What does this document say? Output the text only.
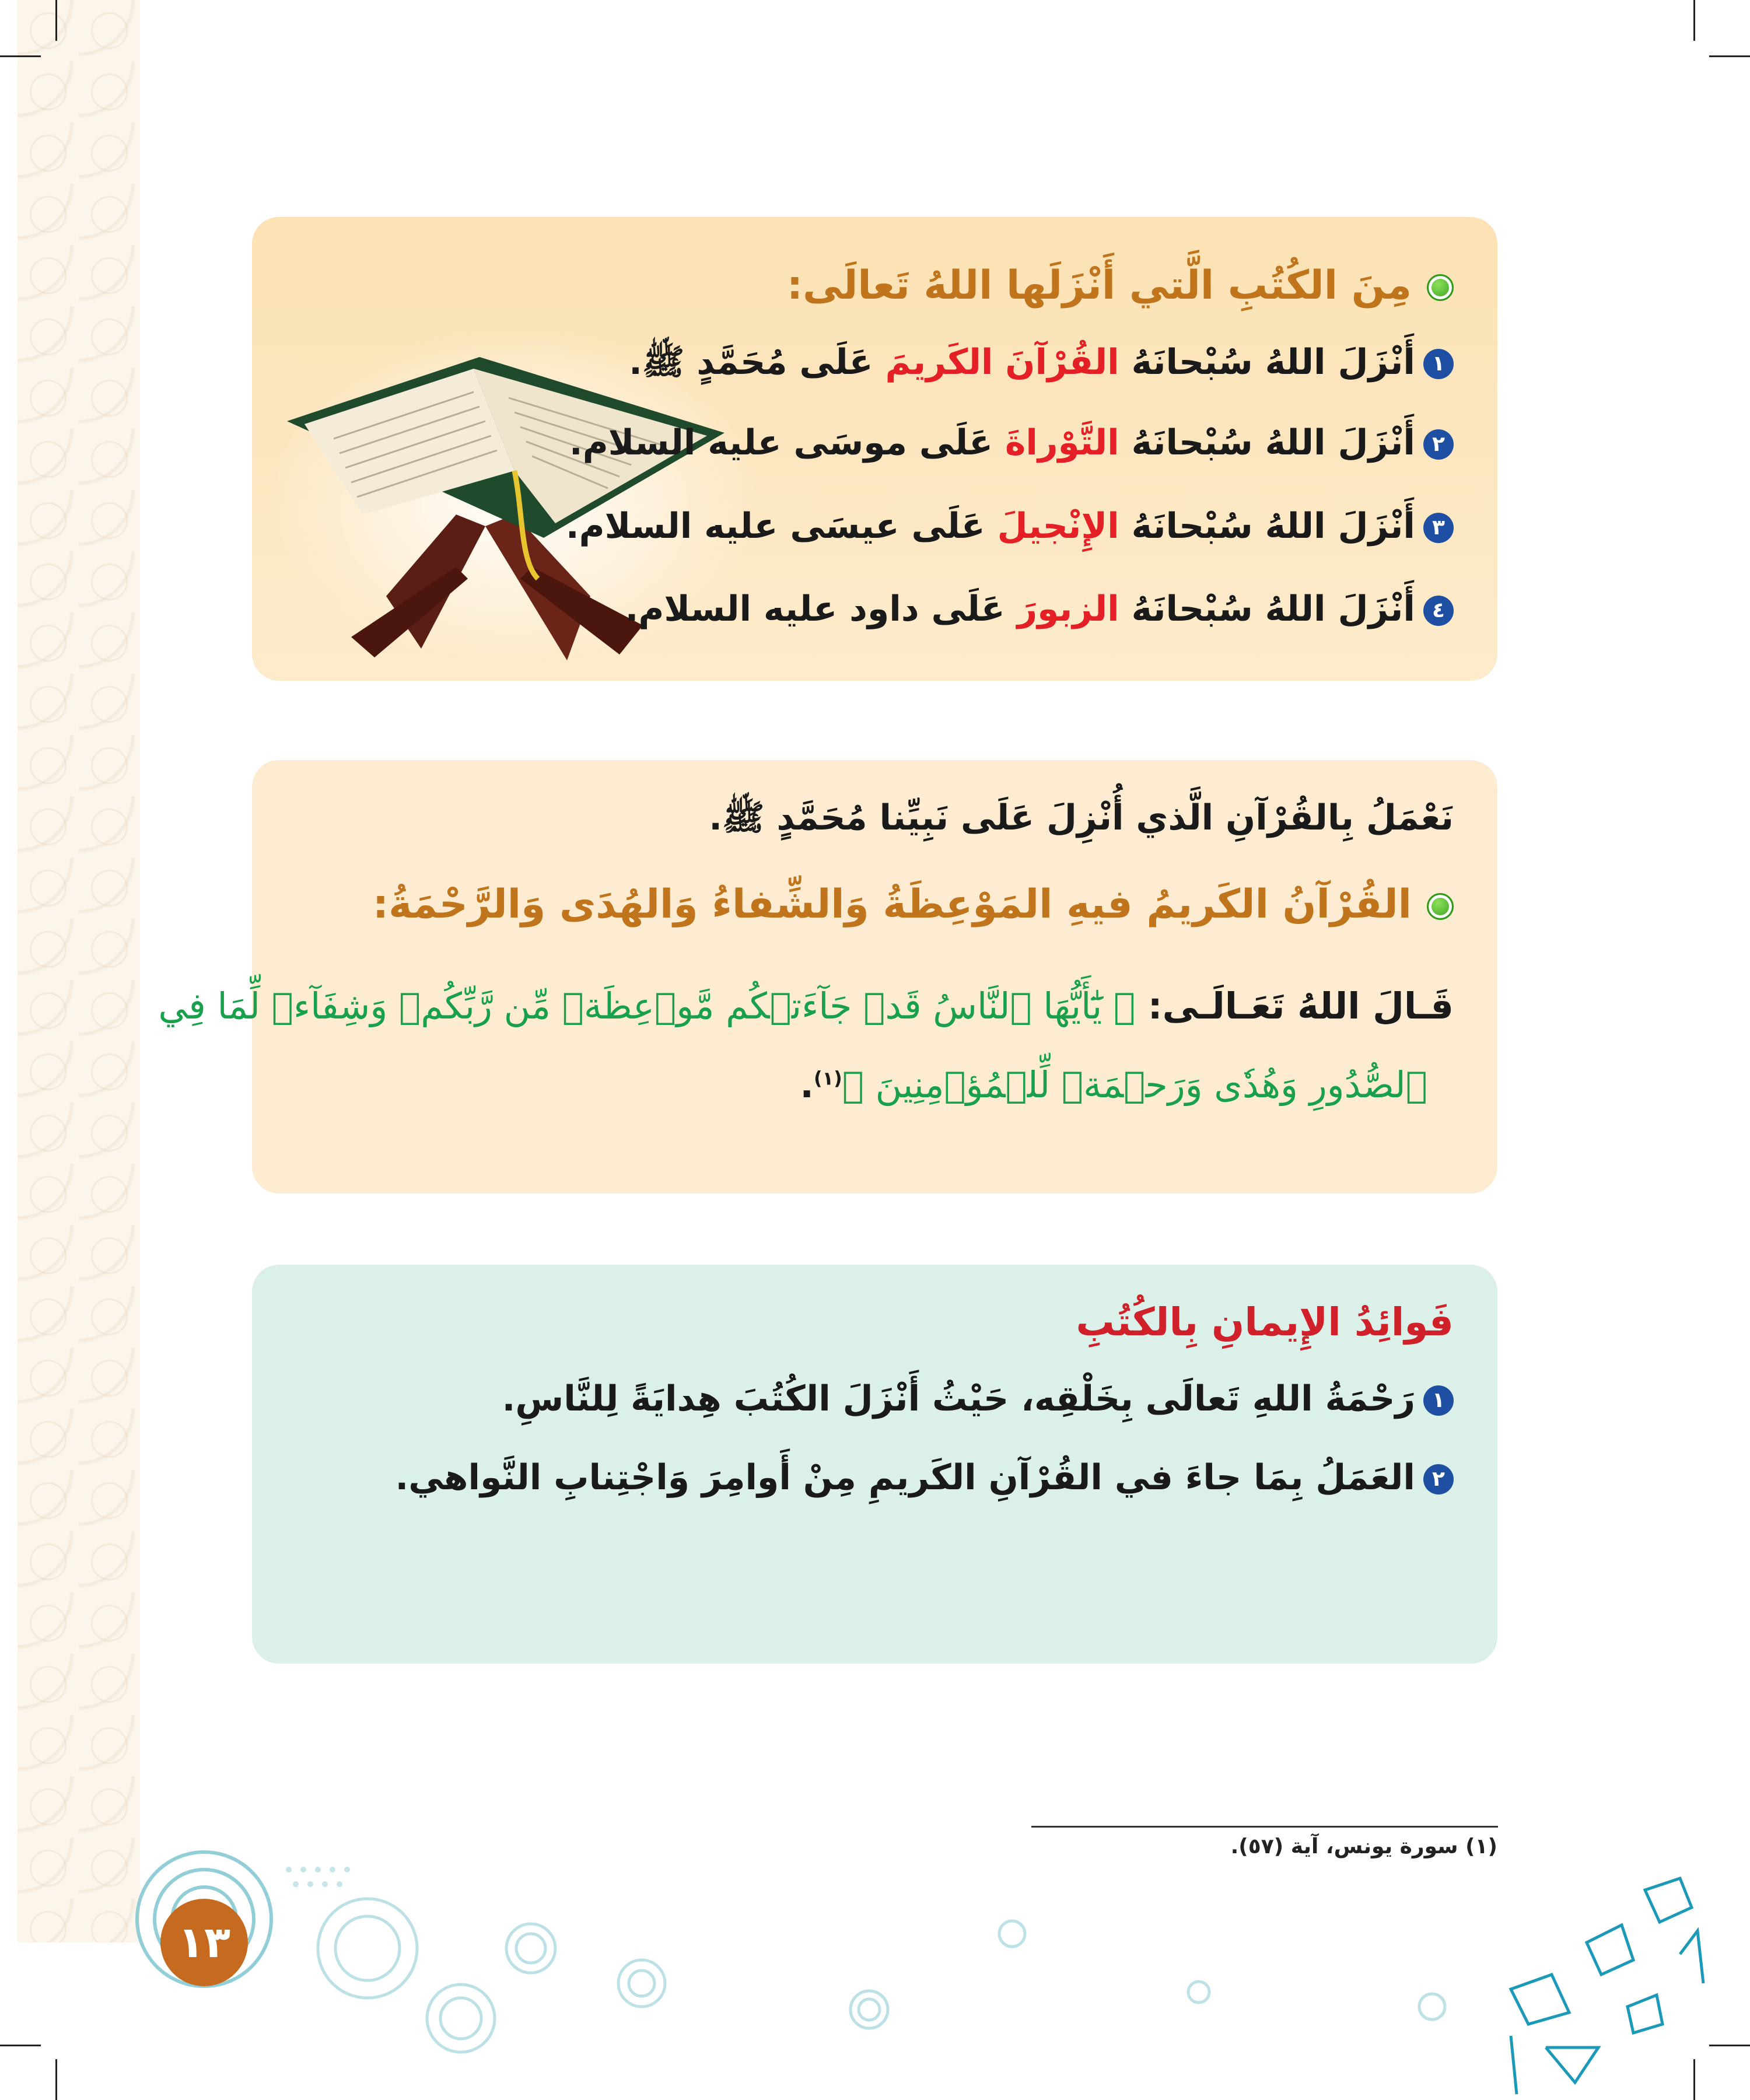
مِنَ الكُتُبِ الَّتي أَنْزَلَها اللهُ تَعالَى:
١أَنْزَلَ اللهُ سُبْحانَهُ القُرْآنَ الكَريمَ عَلَى مُحَمَّدٍ ﷺ.
٢أَنْزَلَ اللهُ سُبْحانَهُ التَّوْراةَ عَلَى موسَى عليه السلام.
٣أَنْزَلَ اللهُ سُبْحانَهُ الإِنْجيلَ عَلَى عيسَى عليه السلام.
٤أَنْزَلَ اللهُ سُبْحانَهُ الزبورَ عَلَى داود عليه السلام.
نَعْمَلُ بِالقُرْآنِ الَّذي أُنْزِلَ عَلَى نَبِيِّنا مُحَمَّدٍ ﷺ.
القُرْآنُ الكَريمُ فيهِ المَوْعِظَةُ وَالشِّفاءُ وَالهُدَى وَالرَّحْمَةُ:
قَـالَ اللهُ تَعَـالَـى: ﴿ يَٰٓأَيُّهَا ٱلنَّاسُ قَدۡ جَآءَتۡكُم مَّوۡعِظَةٞ مِّن رَّبِّكُمۡ وَشِفَآءٞ لِّمَا فِي
ٱلصُّدُورِ وَهُدٗى وَرَحۡمَةٞ لِّلۡمُؤۡمِنِينَ ﴾$^{(١)}$.
فَوائِدُ الإِيمانِ بِالكُتُبِ
١رَحْمَةُ اللهِ تَعالَى بِخَلْقِه، حَيْثُ أَنْزَلَ الكُتُبَ هِدايَةً لِلنَّاسِ.
٢العَمَلُ بِمَا جاءَ في القُرْآنِ الكَريمِ مِنْ أَوامِرَ وَاجْتِنابِ النَّواهي.
(١) سورة يونس، آية (٥٧).
١٣
